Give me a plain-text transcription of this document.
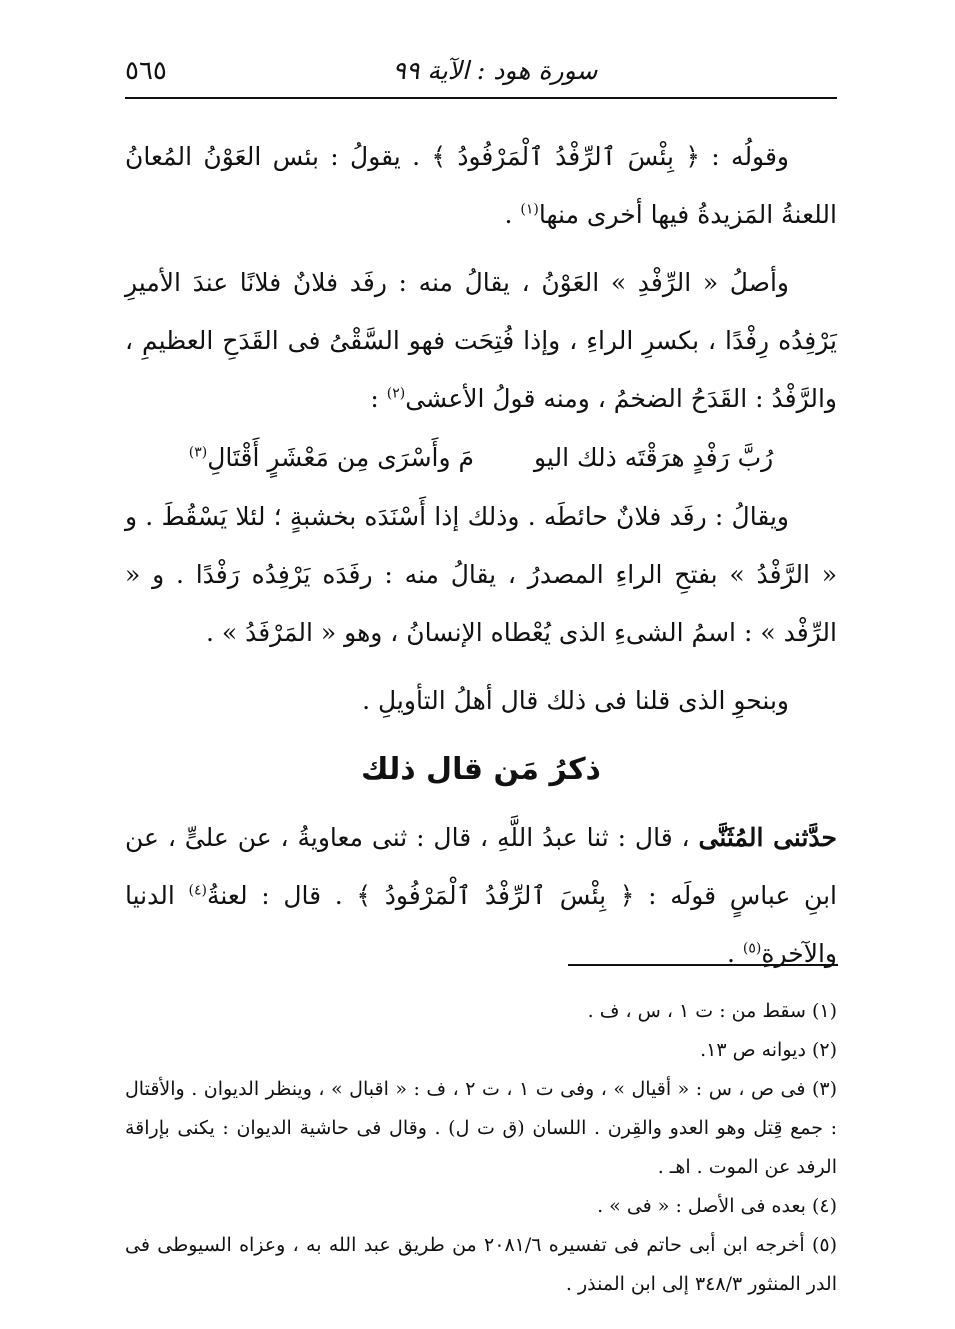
٥٦٥	سورة هود : الآية ٩٩

وقولُه : ﴿ بِئْسَ ٱلرِّفْدُ ٱلْمَرْفُودُ ﴾ . يقولُ : بئس العَوْنُ المُعانُ اللعنةُ المَزيدةُ فيها أخرى منها$^{(١)}$ .

وأصلُ « الرِّفْدِ » العَوْنُ ، يقالُ منه : رفَد فلانٌ فلانًا عندَ الأميرِ يَرْفِدُه رِفْدًا ، بكسرِ الراءِ ، وإذا فُتِحَت فهو السَّقْىُ فى القَدَحِ العظيمِ ، والرَّفْدُ : القَدَحُ الضخمُ ، ومنه قولُ الأعشى$^{(٢)}$ :

رُبَّ رَفْدٍ هرَقْتَه ذلك اليومَ وأَسْرَى مِن مَعْشَرٍ أَقْتَالِ$^{(٣)}$

ويقالُ : رفَد فلانٌ حائطَه . وذلك إذا أَسْنَدَه بخشبةٍ ؛ لئلا يَسْقُطَ . و « الرَّفْدُ » بفتحِ الراءِ المصدرُ ، يقالُ منه : رفَدَه يَرْفِدُه رَفْدًا . و « الرِّفْد » : اسمُ الشىءِ الذى يُعْطاه الإنسانُ ، وهو « المَرْفَدُ » .

وبنحوِ الذى قلنا فى ذلك قال أهلُ التأويلِ .

ذكرُ مَن قال ذلك

حدَّثنى المُثَنَّى ، قال : ثنا عبدُ اللَّهِ ، قال : ثنى معاويةُ ، عن علىٍّ ، عن ابنِ عباسٍ قولَه : ﴿ بِئْسَ ٱلرِّفْدُ ٱلْمَرْفُودُ ﴾ . قال : لعنةُ$^{(٤)}$ الدنيا والآخرةِ$^{(٥)}$ .

(١) سقط من : ت ١ ، س ، ف .

(٢) ديوانه ص ١٣.

(٣) فى ص ، س : « أقيال » ، وفى ت ١ ، ت ٢ ، ف : « اقبال » ، وينظر الديوان . والأقتال : جمع قِتل وهو العدو والقِرن . اللسان (ق ت ل) . وقال فى حاشية الديوان : يكنى بإراقة الرفد عن الموت . اهـ .

(٤) بعده فى الأصل : « فى » .

(٥) أخرجه ابن أبى حاتم فى تفسيره ٢٠٨١/٦ من طريق عبد الله به ، وعزاه السيوطى فى الدر المنثور ٣٤٨/٣ إلى ابن المنذر .
